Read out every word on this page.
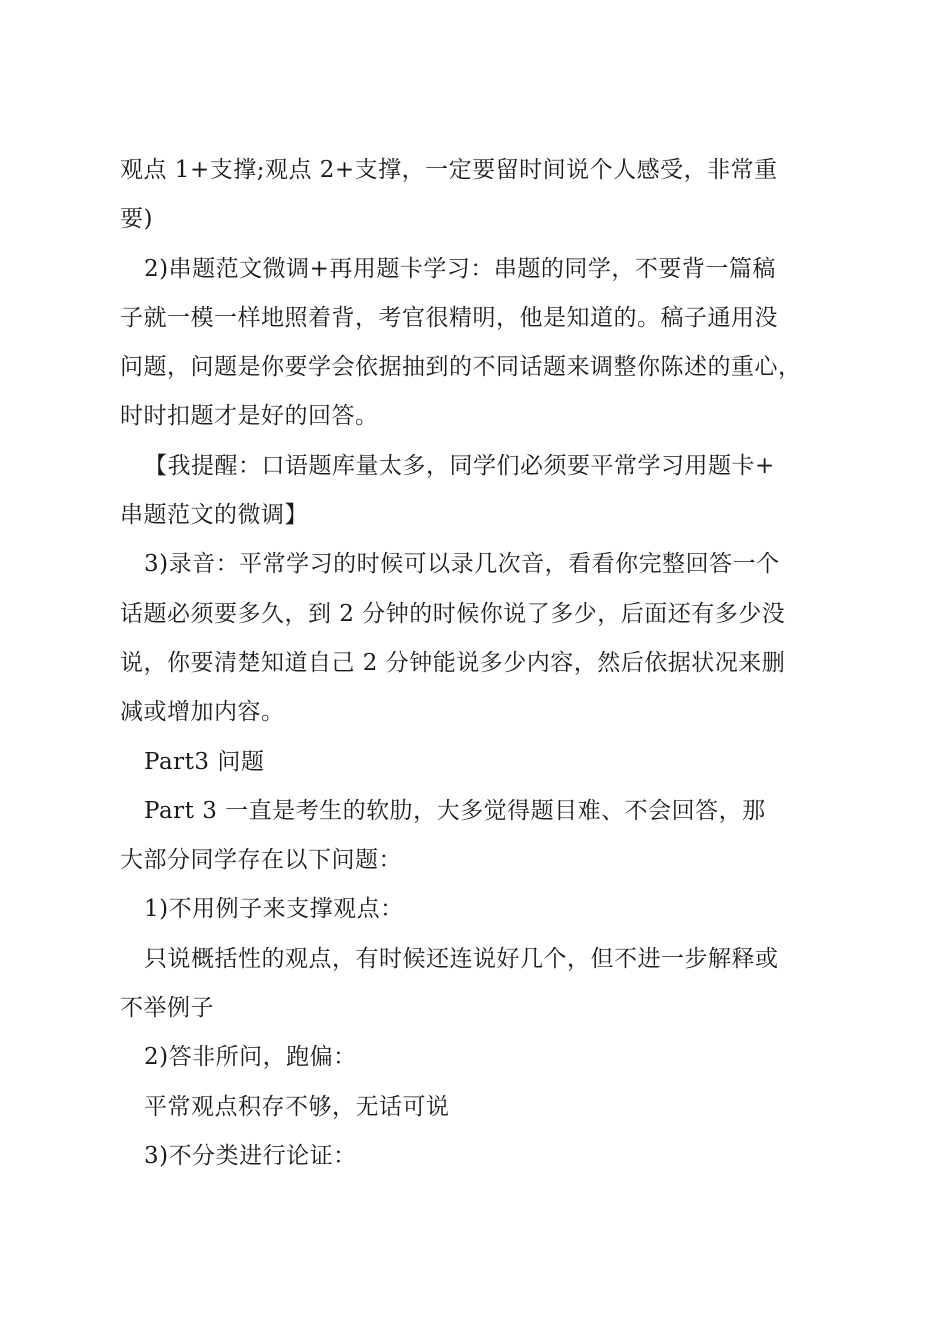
观点 1+支撑;观点 2+支撑，一定要留时间说个人感受，非常重
要)
2)串题范文微调+再用题卡学习：串题的同学，不要背一篇稿
子就一模一样地照着背，考官很精明，他是知道的。稿子通用没
问题，问题是你要学会依据抽到的不同话题来调整你陈述的重心，
时时扣题才是好的回答。
【我提醒：口语题库量太多，同学们必须要平常学习用题卡+
串题范文的微调】
3)录音：平常学习的时候可以录几次音，看看你完整回答一个
话题必须要多久，到 2 分钟的时候你说了多少，后面还有多少没
说，你要清楚知道自己 2 分钟能说多少内容，然后依据状况来删
减或增加内容。
Part3 问题
Part 3 一直是考生的软肋，大多觉得题目难、不会回答，那
大部分同学存在以下问题：
1)不用例子来支撑观点：
只说概括性的观点，有时候还连说好几个，但不进一步解释或
不举例子
2)答非所问，跑偏：
平常观点积存不够，无话可说
3)不分类进行论证：
